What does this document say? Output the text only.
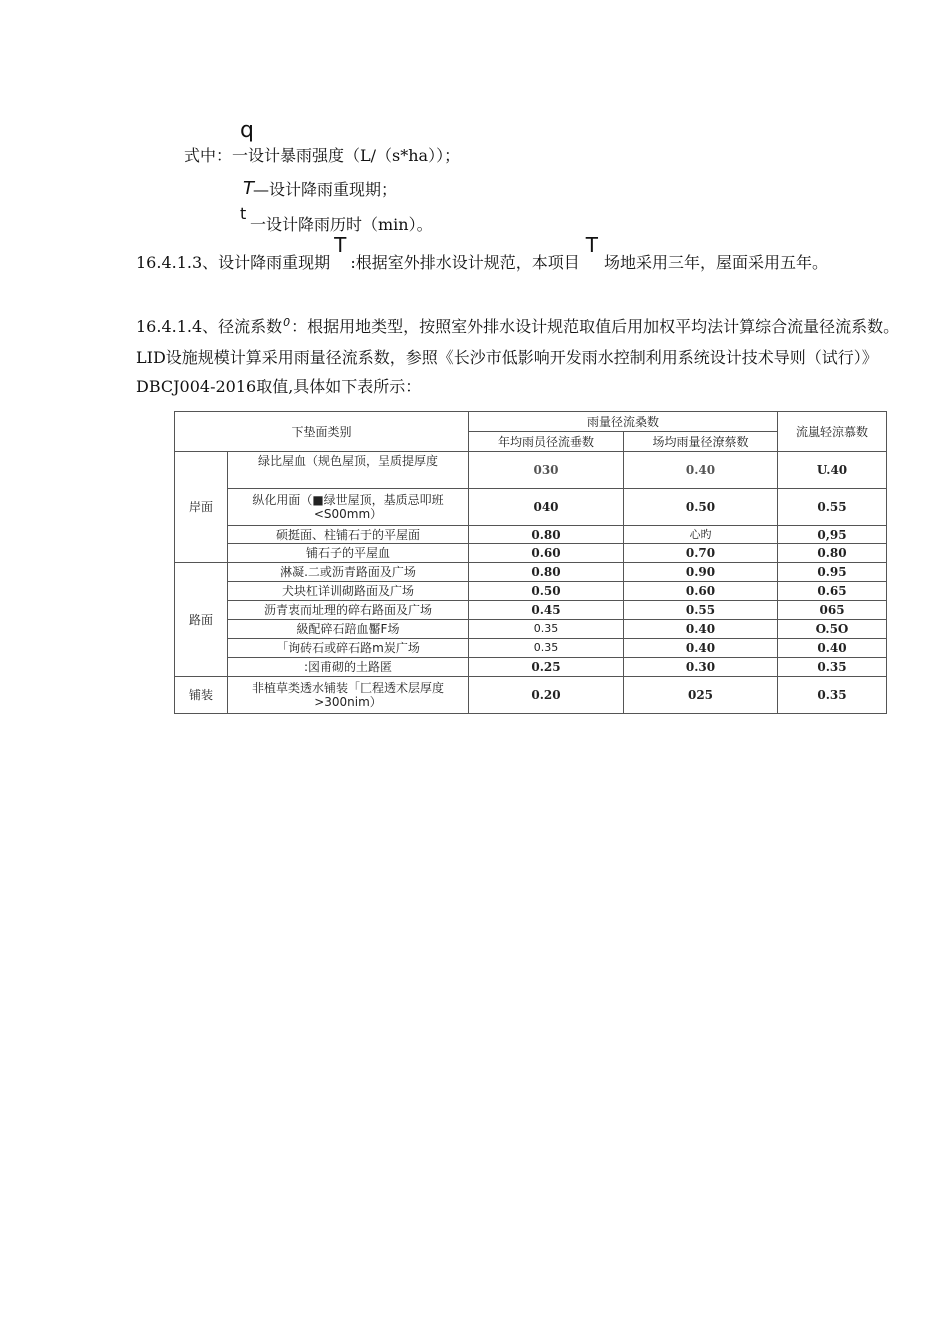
q
式中：一设计暴雨强度（L/（s*ha））；
T —设计降雨重现期；
t
一设计降雨历时（min）。
16.4.1.3、设计降雨重现期T:根据室外排水设计规范，本项目T场地采用三年，屋面采用五年。
16.4.1.4、径流系数0：根据用地类型，按照室外排水设计规范取值后用加权平均法计算综合流量径流系数。LID设施规模计算采用雨量径流系数，参照《长沙市低影响开发雨水控制利用系统设计技术导则（试行）》DBCJ004-2016取值,具体如下表所示：
下垫面类别		雨量径流桑数		流嵐轻涼慕数
		年均雨员径流垂数	场均雨量径潦蔡数	
岸面	绿比屋血（规色屋顶，呈质提厚度	030	0.40	U.40
	纵化用面（■绿世屋顶，基质忌叩班<S00mm）	040	0.50	0.55
	硕挺面、柱铺石于的平屋面	0.80	心旳	0,95
	铺石子的平屋血	0.60	0.70	0.80
路面	淋凝.二或沥青路面及广场	0.80	0.90	0.95
	犬块杠详训砌路面及广场	0.50	0.60	0.65
	沥青衷而址理的碎右路面及广场	0.45	0.55	065
	級配碎石踣血靨F场	0.35	0.40	O.5O
	「询砖石或碎石路m炭广场	0.35	0.40	0.40
	:図甫砌的土路匿	0.25	0.30	0.35
铺装	非植草类透水铺装「匚程透术层厚度>300nim）	0.20	025	0.35
